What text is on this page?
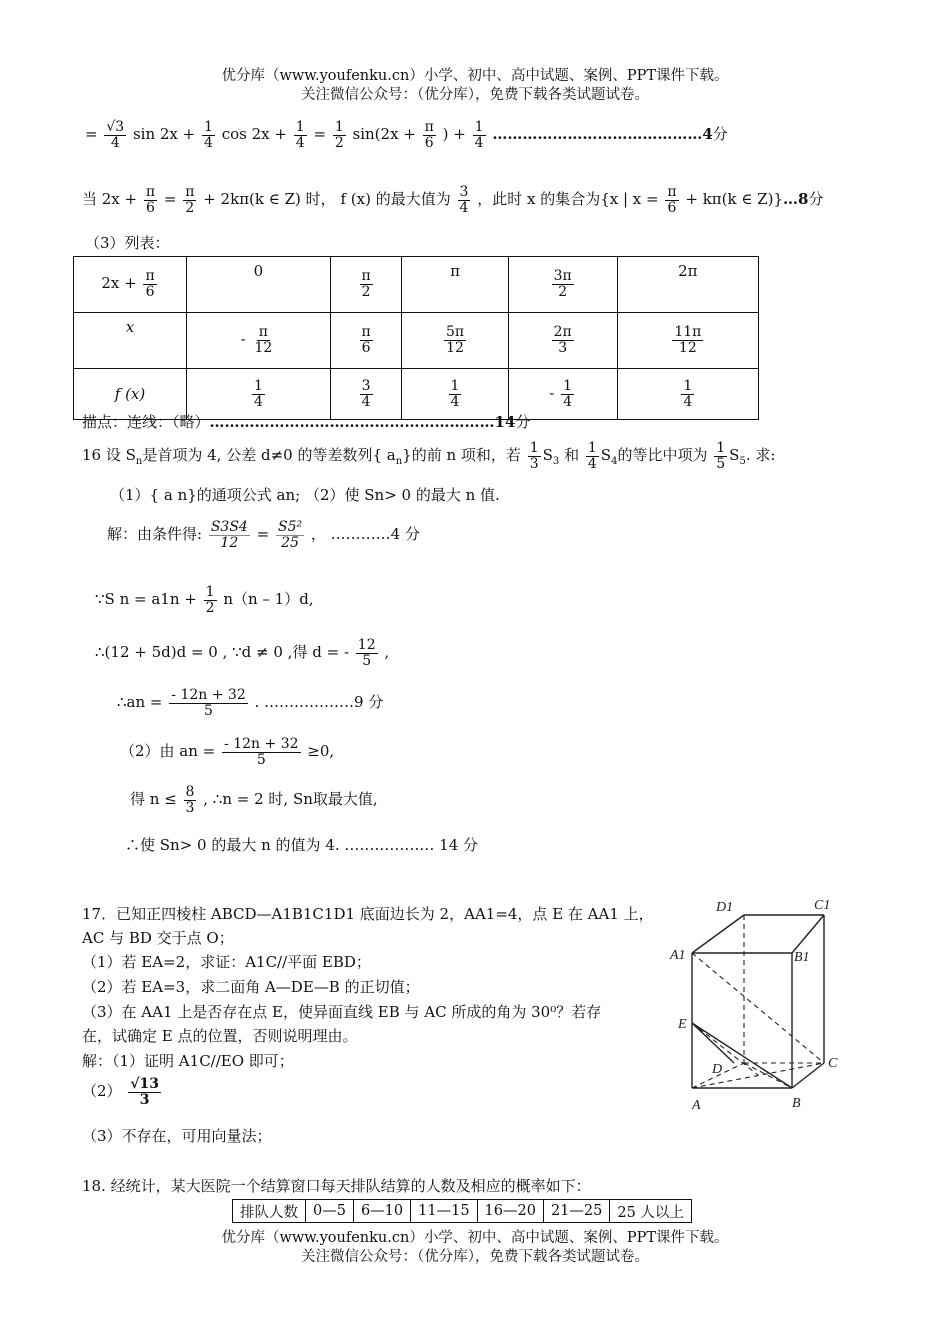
优分库（www.youfenku.cn）小学、初中、高中试题、案例、PPT课件下载。
关注微信公众号：（优分库），免费下载各类试题试卷。
= $\frac{√3}{4}$ $\sin 2x + \frac{1}{4}$ $\cos 2x + \frac{1}{4} = \frac{1}{2} \sin(2x + \frac{\pi}{6}$ ) + $\frac{1}{4}$ ……………………………………4分
当 $2x + \frac{\pi}{6} = \frac{\pi}{2} + 2k\pi(k$ ∈ Z) 时， f (x) 的最大值为 $\frac{3}{4}$ ，此时 x 的集合为{x | $x = \frac{\pi}{6} + k\pi(k$ ∈ Z)}…8分
（3）列表：
$2x + \frac{\pi}{6}$	0	$\frac{\pi}{2}$	π	$\frac{3\pi}{2}$	2π
x	- $\frac{\pi}{12}$	$\frac{\pi}{6}$	$\frac{5\pi}{12}$	$\frac{2\pi}{3}$	$\frac{11\pi}{12}$

f (x)	$\frac{1}{4}$	$\frac{3}{4}$	$\frac{1}{4}$	- $\frac{1}{4}$	$\frac{1}{4}$
描点：连线：（略）…………………………………………………14分
16 设 $S_n$是首项为 4, 公差 d≠0 的等差数列{ $a_n$}的前 n 项和，若 $\frac{1}{3} S_3$ 和 $\frac{1}{4} S_4$的等比中项为 $\frac{1}{5} S_5$. 求:
（1）{ a n}的通项公式 an; （2）使 Sn> 0 的最大 n 值.
解：由条件得: $\frac{S3S4}{12} = \frac{\text{S5²}}{25}$ ， …………4 分
∵S $n = a1n + \frac{1}{2} n(n - 1)d$,
∴(12 + 5d)d = 0 , ∵d ≠ 0 ,得 d = - $\frac{12}{5}$ ,
∴an = $\frac{- 12n + 32}{5}$ . ………………9 分
（2）由 an = $\frac{- 12n + 32}{5} \ge 0$,
得 $n \le \frac{8}{3}$ , ∴n = 2 时, Sn取最大值,
∴使 Sn> 0 的最大 n 的值为 4. ……………… 14 分
17．已知正四棱柱 ABCD—A1B1C1D1 底面边长为 2，AA1=4，点 E 在 AA1 上，
AC 与 BD 交于点 O；
（1）若 EA=2，求证：A1C//平面 EBD；
（2）若 EA=3，求二面角 A—DE—B 的正切值；
（3）在 AA1 上是否存在点 E，使异面直线 EB 与 AC 所成的角为 30⁰？若存
在，试确定 E 点的位置，否则说明理由。
解：（1）证明 A1C//EO 即可；
$(2) \frac{√13}{3}$
（3）不存在，可用向量法；
D1	C1
A1	B1
E
D	C
A	B
18. 经统计，某大医院一个结算窗口每天排队结算的人数及相应的概率如下：
排队人数	0—5	6—10	11—15	16—20	21—25	25 人以上
优分库（www.youfenku.cn）小学、初中、高中试题、案例、PPT课件下载。
关注微信公众号：（优分库），免费下载各类试题试卷。
